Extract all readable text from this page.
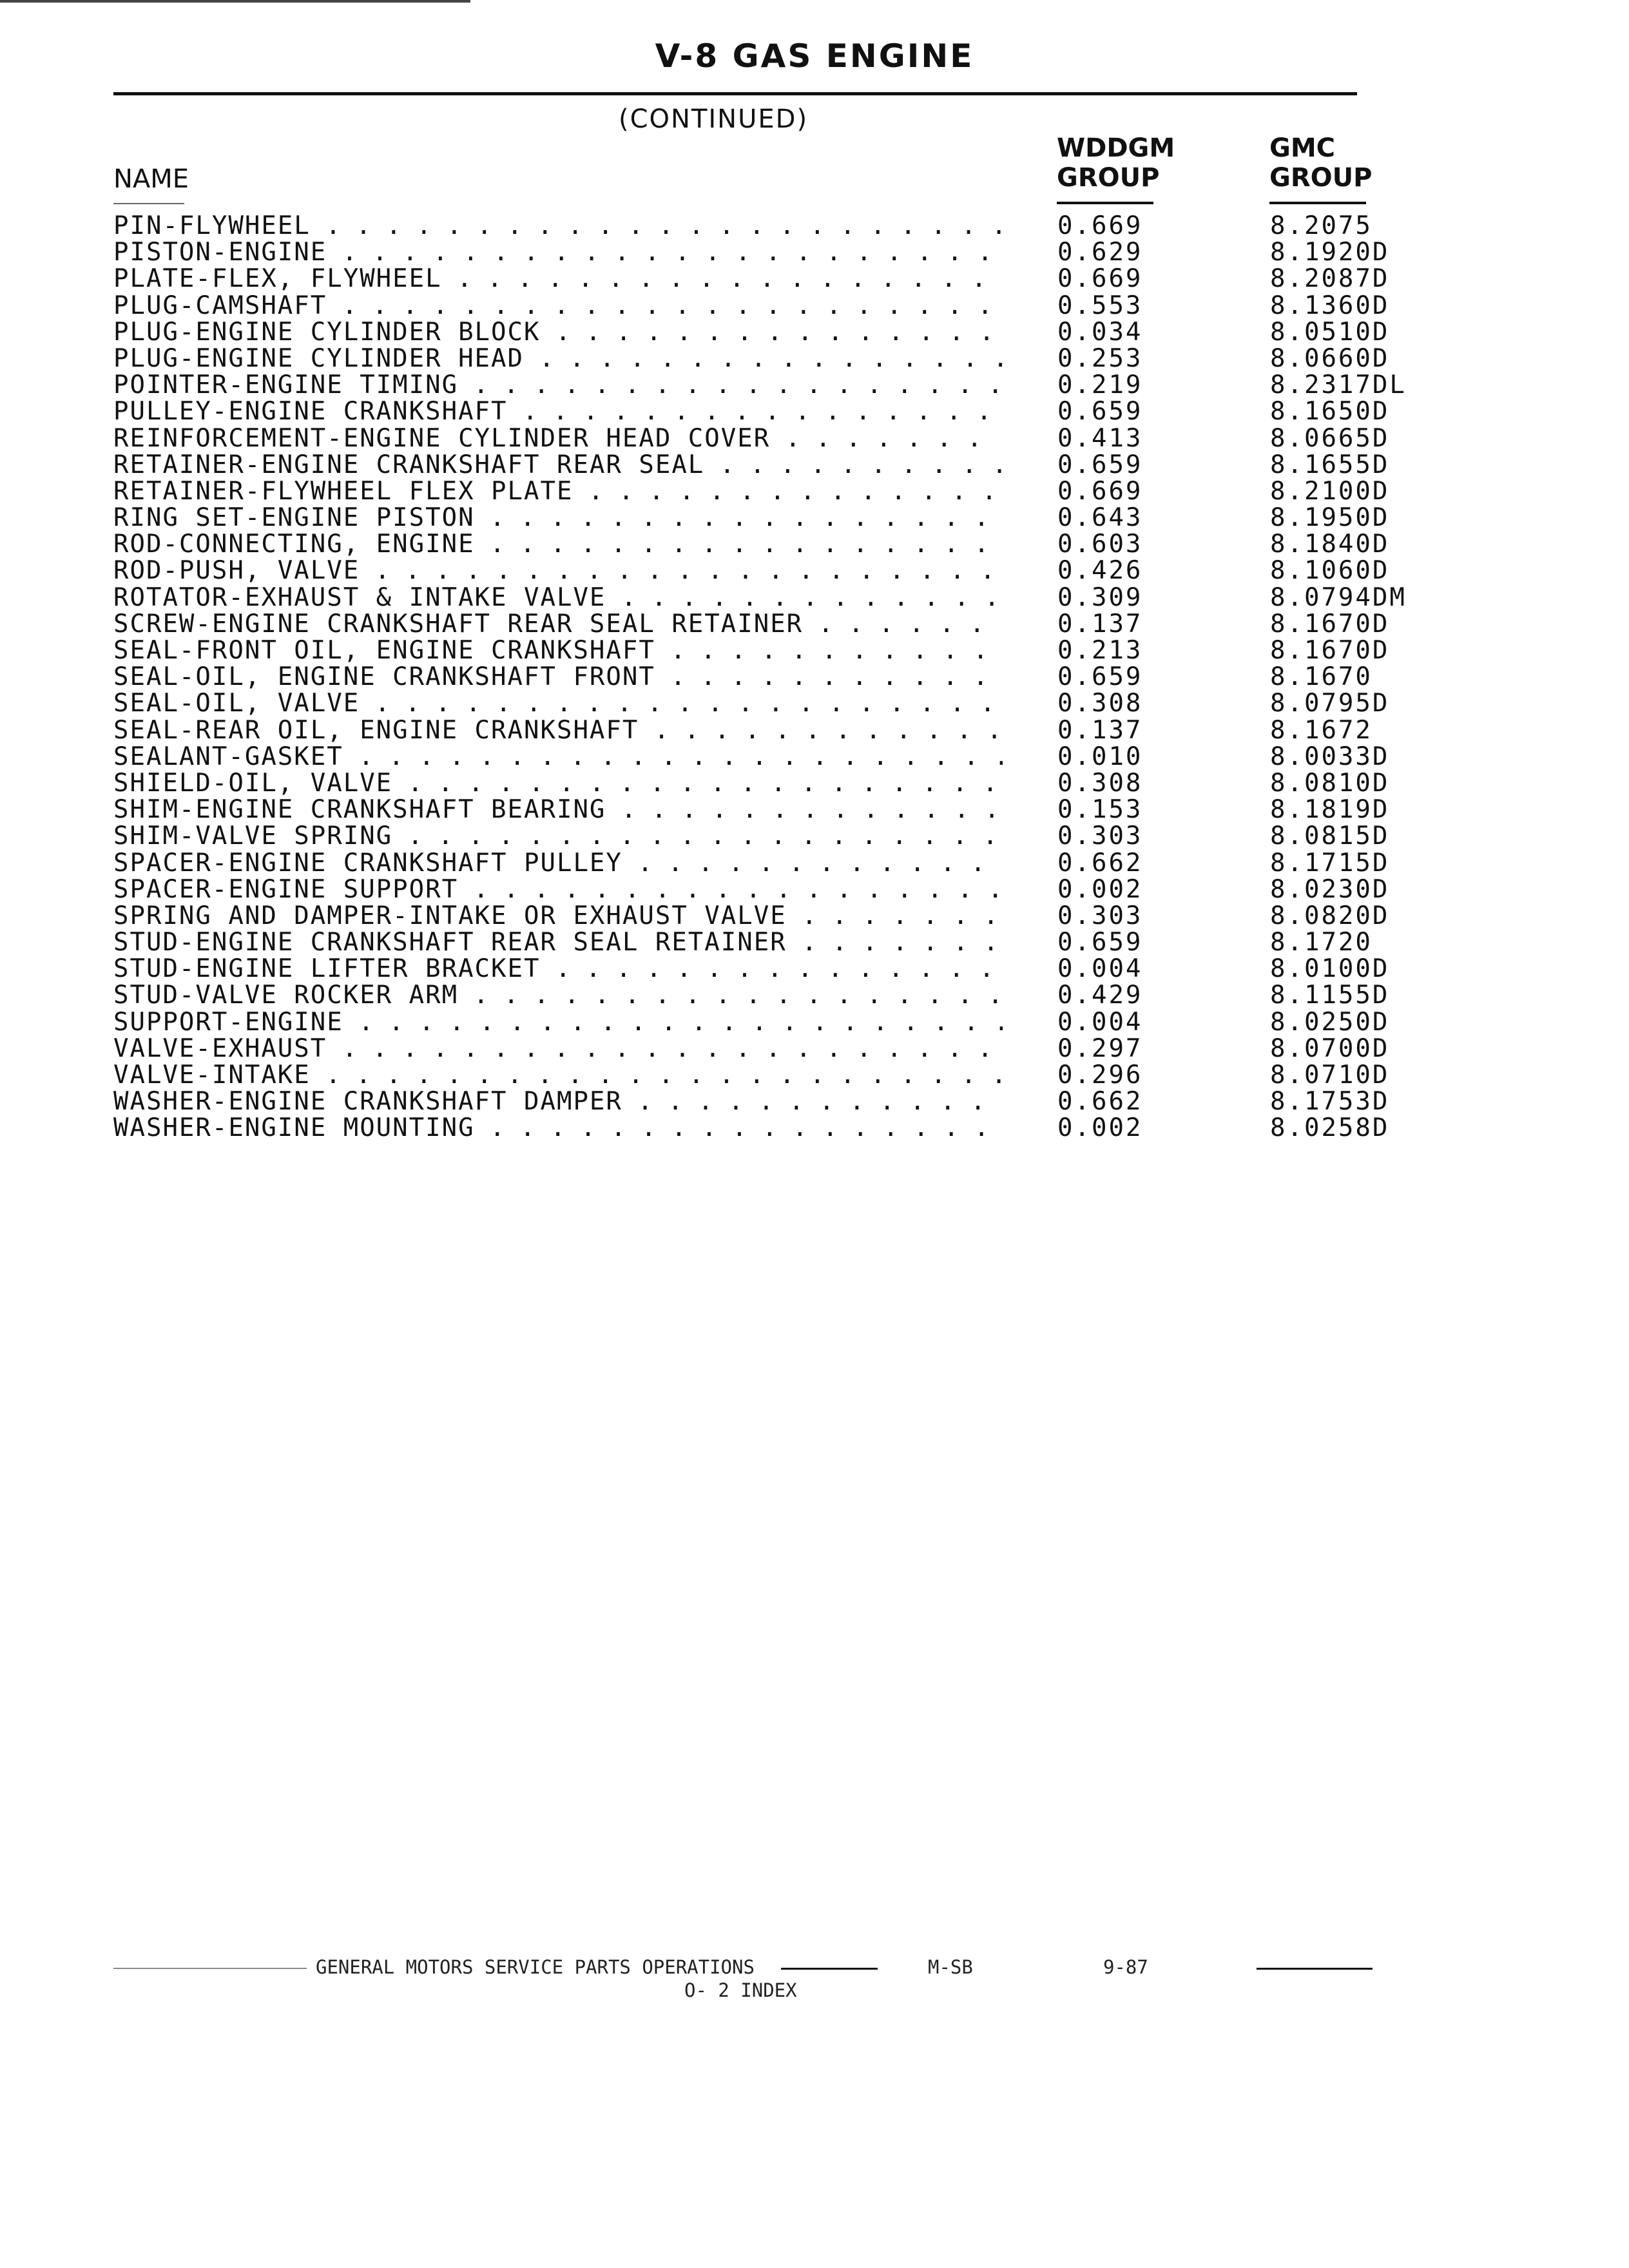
V-8 GAS ENGINE
(CONTINUED)
NAME
WDDGM
GROUP
GMC
GROUP
PIN-FLYWHEEL . . .	0.669	8.2075
PISTON-ENGINE . . .	0.629	8.1920D
PLATE-FLEX, FLYWHEEL . . .	0.669	8.2087D
PLUG-CAMSHAFT . . .	0.553	8.1360D
PLUG-ENGINE CYLINDER BLOCK . . .	0.034	8.0510D
PLUG-ENGINE CYLINDER HEAD . . .	0.253	8.0660D
POINTER-ENGINE TIMING . . .	0.219	8.2317DL
PULLEY-ENGINE CRANKSHAFT . . .	0.659	8.1650D
REINFORCEMENT-ENGINE CYLINDER HEAD COVER . . .	0.413	8.0665D
RETAINER-ENGINE CRANKSHAFT REAR SEAL . . .	0.659	8.1655D
RETAINER-FLYWHEEL FLEX PLATE . . .	0.669	8.2100D
RING SET-ENGINE PISTON . . .	0.643	8.1950D
ROD-CONNECTING, ENGINE . . .	0.603	8.1840D
ROD-PUSH, VALVE . . .	0.426	8.1060D
ROTATOR-EXHAUST & INTAKE VALVE . . .	0.309	8.0794DM
SCREW-ENGINE CRANKSHAFT REAR SEAL RETAINER . . .	0.137	8.1670D
SEAL-FRONT OIL, ENGINE CRANKSHAFT . . .	0.213	8.1670D
SEAL-OIL, ENGINE CRANKSHAFT FRONT . . .	0.659	8.1670
SEAL-OIL, VALVE . . .	0.308	8.0795D
SEAL-REAR OIL, ENGINE CRANKSHAFT . . .	0.137	8.1672
SEALANT-GASKET . . .	0.010	8.0033D
SHIELD-OIL, VALVE . . .	0.308	8.0810D
SHIM-ENGINE CRANKSHAFT BEARING . . .	0.153	8.1819D
SHIM-VALVE SPRING . . .	0.303	8.0815D
SPACER-ENGINE CRANKSHAFT PULLEY . . .	0.662	8.1715D
SPACER-ENGINE SUPPORT . . .	0.002	8.0230D
SPRING AND DAMPER-INTAKE OR EXHAUST VALVE . . .	0.303	8.0820D
STUD-ENGINE CRANKSHAFT REAR SEAL RETAINER . . .	0.659	8.1720
STUD-ENGINE LIFTER BRACKET . . .	0.004	8.0100D
STUD-VALVE ROCKER ARM . . .	0.429	8.1155D
SUPPORT-ENGINE . . .	0.004	8.0250D
VALVE-EXHAUST . . .	0.297	8.0700D
VALVE-INTAKE . . .	0.296	8.0710D
WASHER-ENGINE CRANKSHAFT DAMPER . . .	0.662	8.1753D
WASHER-ENGINE MOUNTING . . .	0.002	8.0258D
GENERAL MOTORS SERVICE PARTS OPERATIONS	M-SB	9-87
O- 2 INDEX
